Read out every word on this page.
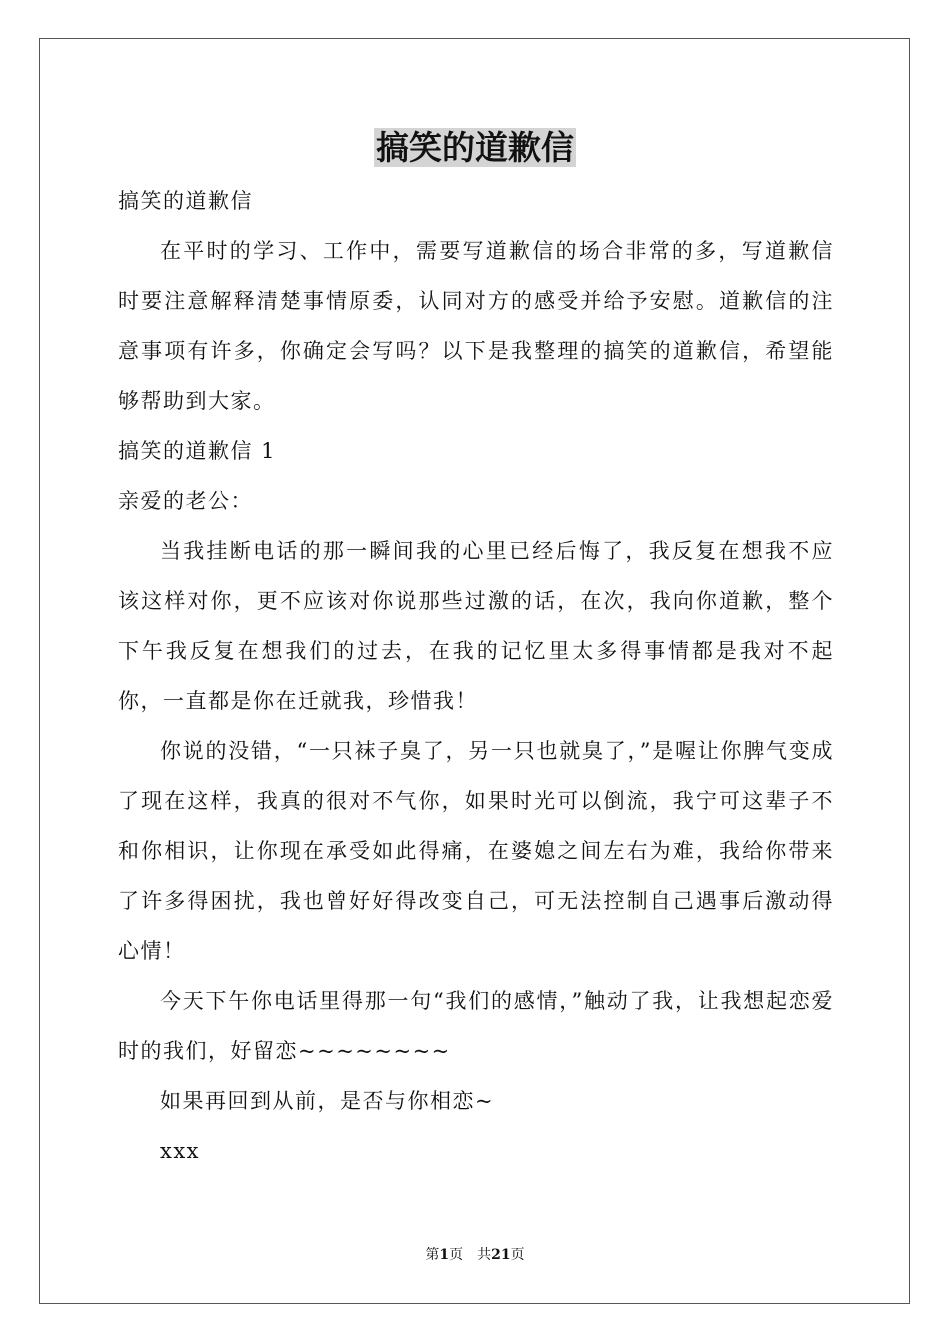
搞笑的道歉信

搞笑的道歉信

在平时的学习、工作中，需要写道歉信的场合非常的多，写道歉信时要注意解释清楚事情原委，认同对方的感受并给予安慰。道歉信的注意事项有许多，你确定会写吗？以下是我整理的搞笑的道歉信，希望能够帮助到大家。

搞笑的道歉信 1

亲爱的老公：

当我挂断电话的那一瞬间我的心里已经后悔了，我反复在想我不应该这样对你，更不应该对你说那些过激的话，在次，我向你道歉，整个下午我反复在想我们的过去，在我的记忆里太多得事情都是我对不起你，一直都是你在迁就我，珍惜我！

你说的没错，“一只袜子臭了，另一只也就臭了，”是喔让你脾气变成了现在这样，我真的很对不气你，如果时光可以倒流，我宁可这辈子不和你相识，让你现在承受如此得痛，在婆媳之间左右为难，我给你带来了许多得困扰，我也曾好好得改变自己，可无法控制自己遇事后激动得心情！

今天下午你电话里得那一句“我们的感情，”触动了我，让我想起恋爱时的我们，好留恋~~~~~~~~

如果再回到从前，是否与你相恋~

xxx

第1页 共21页
